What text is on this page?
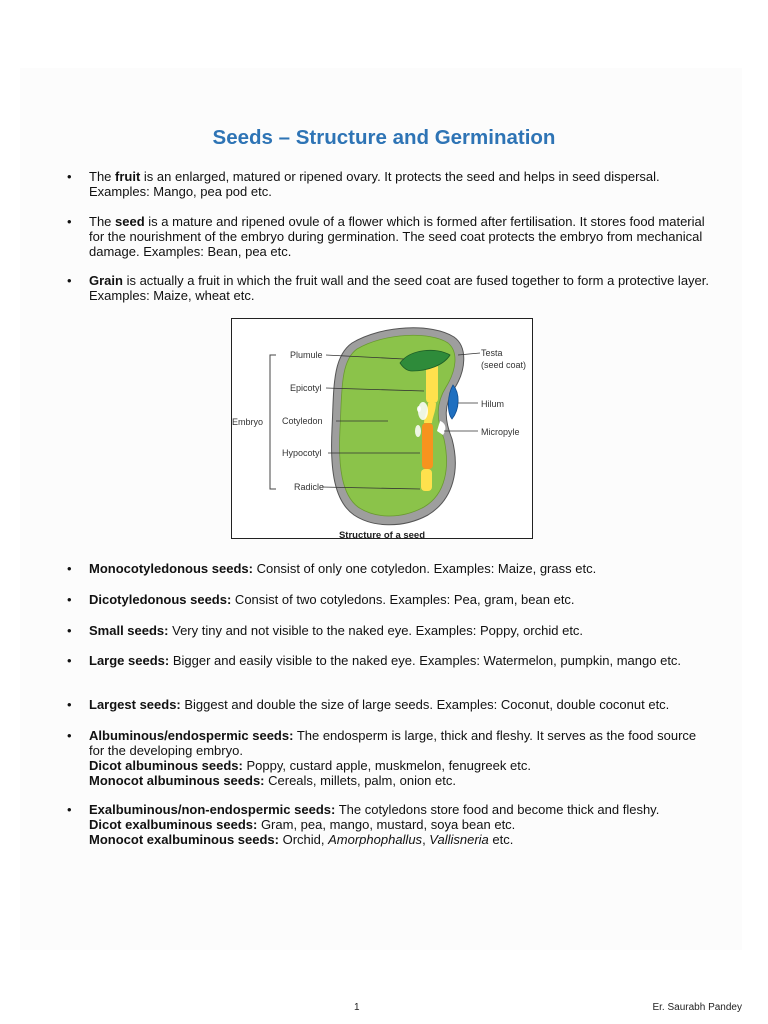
Seeds – Structure and Germination
• The fruit is an enlarged, matured or ripened ovary. It protects the seed and helps in seed dispersal. Examples: Mango, pea pod etc.
• The seed is a mature and ripened ovule of a flower which is formed after fertilisation. It stores food material for the nourishment of the embryo during germination. The seed coat protects the embryo from mechanical damage. Examples: Bean, pea etc.
• Grain is actually a fruit in which the fruit wall and the seed coat are fused together to form a protective layer. Examples: Maize, wheat etc.
• Monocotyledonous seeds: Consist of only one cotyledon. Examples: Maize, grass etc.
• Dicotyledonous seeds: Consist of two cotyledons. Examples: Pea, gram, bean etc.
• Small seeds: Very tiny and not visible to the naked eye. Examples: Poppy, orchid etc.
• Large seeds: Bigger and easily visible to the naked eye. Examples: Watermelon, pumpkin, mango etc.
• Largest seeds: Biggest and double the size of large seeds. Examples: Coconut, double coconut etc.
• Albuminous/endospermic seeds: The endosperm is large, thick and fleshy. It serves as the food source for the developing embryo.
Dicot albuminous seeds: Poppy, custard apple, muskmelon, fenugreek etc.
Monocot albuminous seeds: Cereals, millets, palm, onion etc.
• Exalbuminous/non-endospermic seeds: The cotyledons store food and become thick and fleshy.
Dicot exalbuminous seeds: Gram, pea, mango, mustard, soya bean etc.
Monocot exalbuminous seeds: Orchid, Amorphophallus, Vallisneria etc.
Plumule
Epicotyl
Embryo Cotyledon
Hypocotyl
Radicle
Testa
(seed coat)
Hilum
Micropyle
Structure of a seed
1	Er. Saurabh Pandey
